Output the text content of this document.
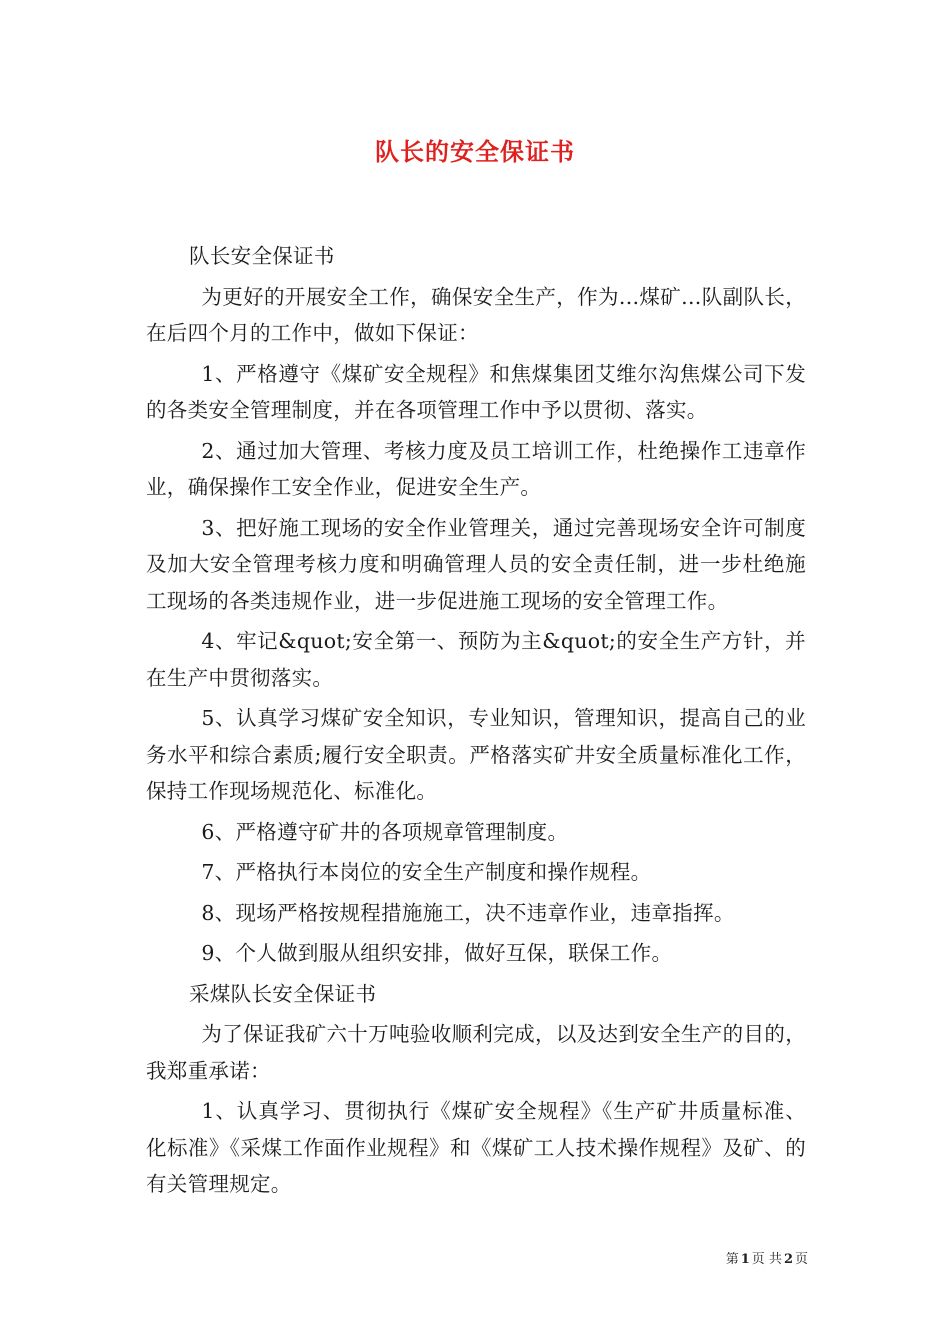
队长的安全保证书

队长安全保证书

为更好的开展安全工作，确保安全生产，作为...煤矿...队副队长，在后四个月的工作中，做如下保证：

1、严格遵守《煤矿安全规程》和焦煤集团艾维尔沟焦煤公司下发的各类安全管理制度，并在各项管理工作中予以贯彻、落实。

2、通过加大管理、考核力度及员工培训工作，杜绝操作工违章作业，确保操作工安全作业，促进安全生产。

3、把好施工现场的安全作业管理关，通过完善现场安全许可制度及加大安全管理考核力度和明确管理人员的安全责任制，进一步杜绝施工现场的各类违规作业，进一步促进施工现场的安全管理工作。

4、牢记&quot;安全第一、预防为主&quot;的安全生产方针，并在生产中贯彻落实。

5、认真学习煤矿安全知识，专业知识，管理知识，提高自己的业务水平和综合素质;履行安全职责。严格落实矿井安全质量标准化工作，保持工作现场规范化、标准化。

6、严格遵守矿井的各项规章管理制度。

7、严格执行本岗位的安全生产制度和操作规程。

8、现场严格按规程措施施工，决不违章作业，违章指挥。

9、个人做到服从组织安排，做好互保，联保工作。

采煤队长安全保证书

为了保证我矿六十万吨验收顺利完成，以及达到安全生产的目的，我郑重承诺：

1、认真学习、贯彻执行《煤矿安全规程》《生产矿井质量标准、化标准》《采煤工作面作业规程》和《煤矿工人技术操作规程》及矿、的有关管理规定。

第 1 页 共 2 页
